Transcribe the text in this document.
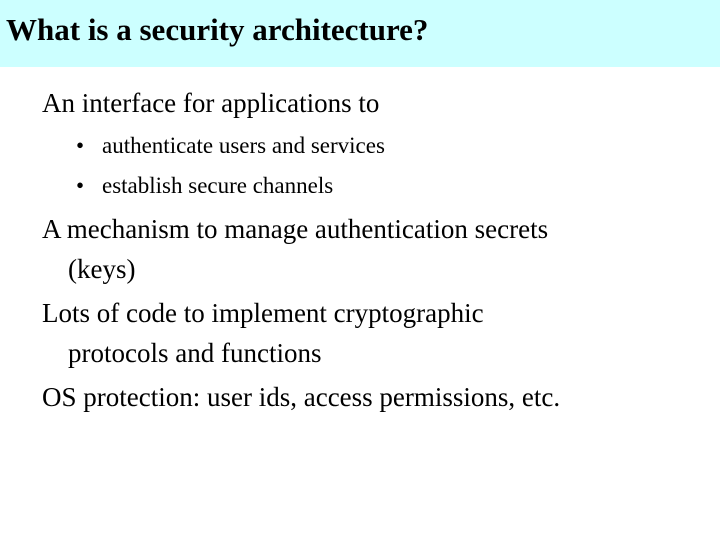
What is a security architecture?
An interface for applications to
• authenticate users and services
• establish secure channels
A mechanism to manage authentication secrets
(keys)
Lots of code to implement cryptographic
protocols and functions
OS protection: user ids, access permissions, etc.
